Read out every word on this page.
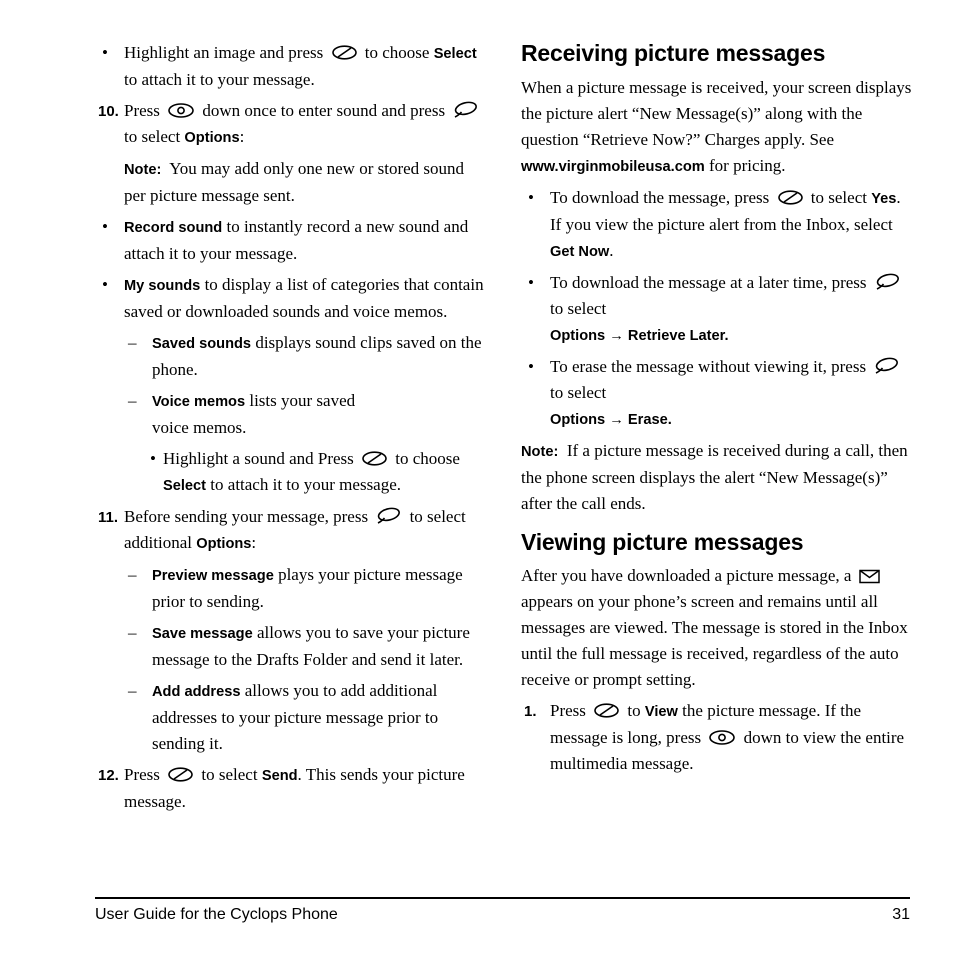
• Highlight an image and press
to choose Select to attach it to your message.
10. Press
down once to enter sound and press
to select Options:

Note:  You may add only one new or stored sound per picture message sent.

•	Record sound to instantly record a new sound and attach it to your message.
•	My sounds to display a list of categories that contain saved or downloaded sounds and voice memos.
–	Saved sounds displays sound clips saved on the phone.
–	Voice memos lists your saved
voice memos.
• Highlight a sound and Press
to choose Select to attach it to your message.
11. Before sending your message, press
to select additional Options:
–	Preview message plays your picture message prior to sending.
–	Save message allows you to save your picture message to the Drafts Folder and send it later.
–	Add address allows you to add additional addresses to your picture message prior to sending it.
12. Press
to select Send. This sends your picture message.
Receiving picture messages

When a picture message is received, your screen displays the picture alert “New Message(s)” along with the question “Retrieve Now?” Charges apply. See www.virginmobileusa.com for pricing.

• To download the message, press
to select Yes. If you view the picture alert from the Inbox, select Get Now.
• To download the message at a later time, press
to select
Options → Retrieve Later.
• To erase the message without viewing it, press
to select
Options → Erase.

Note:  If a picture message is received during a call, then the phone screen displays the alert “New Message(s)” after the call ends.

Viewing picture messages

After you have downloaded a picture message, a
appears on your phone’s screen and remains until all messages are viewed. The message is stored in the Inbox until the full message is received, regardless of the auto receive or prompt setting.

1. Press
to View the picture message. If the message is long, press
down to view the entire multimedia message.
User Guide for the Cyclops Phone	31
